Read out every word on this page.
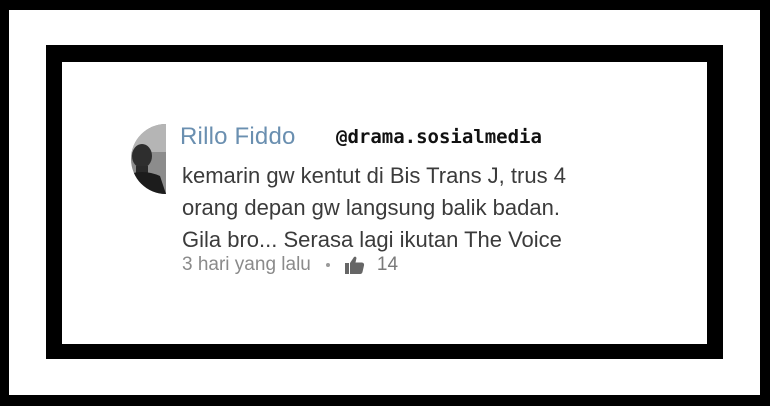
Rillo Fiddo @drama.sosialmedia

kemarin gw kentut di Bis Trans J, trus 4
orang depan gw langsung balik badan.
Gila bro... Serasa lagi ikutan The Voice

3 hari yang lalu	14
